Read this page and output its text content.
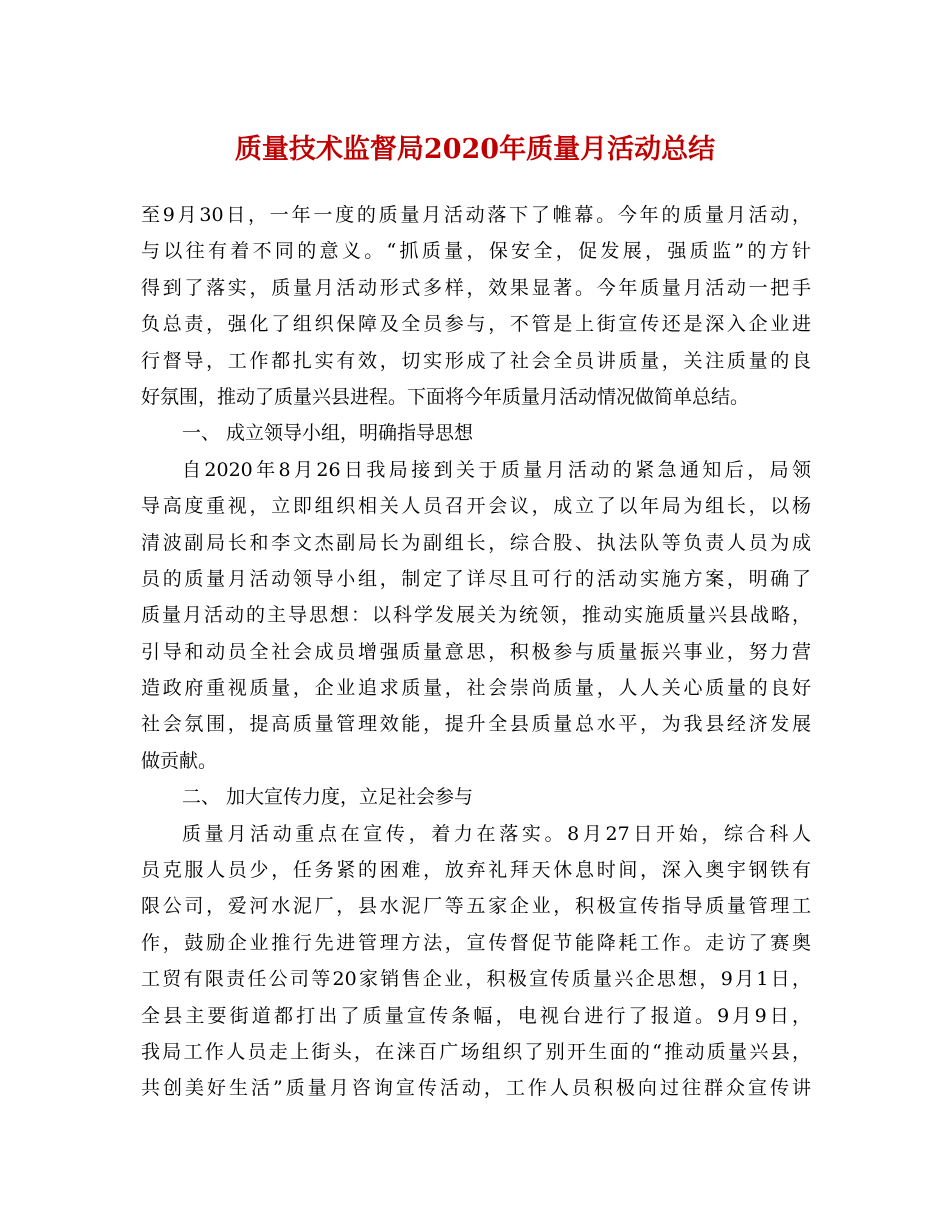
质量技术监督局2020年质量月活动总结
至9月30日，一年一度的质量月活动落下了帷幕。今年的质量月活动，
与以往有着不同的意义。“抓质量，保安全，促发展，强质监”的方针
得到了落实，质量月活动形式多样，效果显著。今年质量月活动一把手
负总责，强化了组织保障及全员参与，不管是上街宣传还是深入企业进
行督导，工作都扎实有效，切实形成了社会全员讲质量，关注质量的良
好氛围，推动了质量兴县进程。下面将今年质量月活动情况做简单总结。
一、 成立领导小组，明确指导思想
自2020年8月26日我局接到关于质量月活动的紧急通知后，局领
导高度重视，立即组织相关人员召开会议，成立了以年局为组长，以杨
清波副局长和李文杰副局长为副组长，综合股、执法队等负责人员为成
员的质量月活动领导小组，制定了详尽且可行的活动实施方案，明确了
质量月活动的主导思想：以科学发展关为统领，推动实施质量兴县战略，
引导和动员全社会成员增强质量意思，积极参与质量振兴事业，努力营
造政府重视质量，企业追求质量，社会崇尚质量，人人关心质量的良好
社会氛围，提高质量管理效能，提升全县质量总水平，为我县经济发展
做贡献。
二、 加大宣传力度，立足社会参与
质量月活动重点在宣传，着力在落实。8月27日开始，综合科人
员克服人员少，任务紧的困难，放弃礼拜天休息时间，深入奥宇钢铁有
限公司，爱河水泥厂，县水泥厂等五家企业，积极宣传指导质量管理工
作，鼓励企业推行先进管理方法，宣传督促节能降耗工作。走访了赛奥
工贸有限责任公司等20家销售企业，积极宣传质量兴企思想，9月1日，
全县主要街道都打出了质量宣传条幅，电视台进行了报道。9月9日，
我局工作人员走上街头，在涞百广场组织了别开生面的“推动质量兴县，
共创美好生活”质量月咨询宣传活动，工作人员积极向过往群众宣传讲
